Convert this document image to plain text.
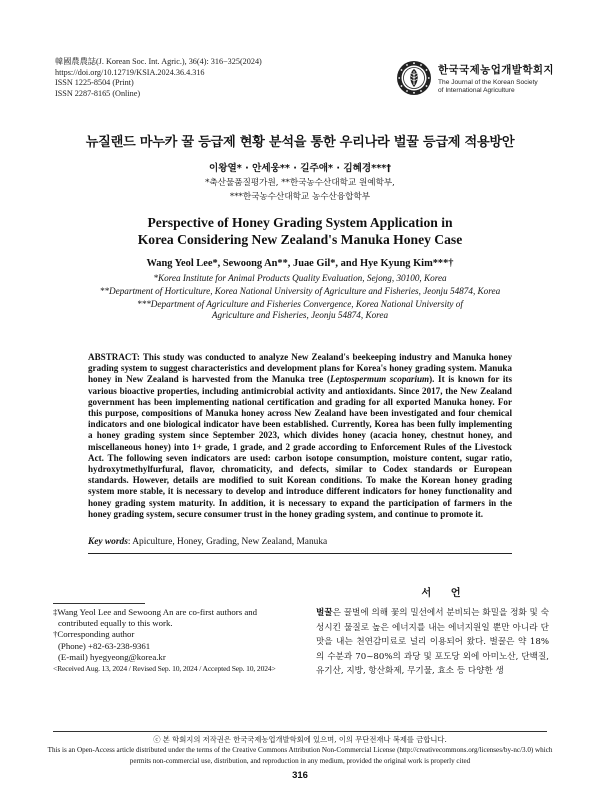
韓國農農誌(J. Korean Soc. Int. Agric.), 36(4): 316−325(2024)
https://doi.org/10.12719/KSIA.2024.36.4.316
ISSN 1225-8504 (Print)
ISSN 2287-8165 (Online)
한국국제농업개발학회지
The Journal of the Korean Society
of International Agriculture
뉴질랜드 마누카 꿀 등급제 현황 분석을 통한 우리나라 벌꿀 등급제 적용방안
이왕열* · 안세웅** · 길주애* · 김혜경***†
*축산물품질평가원, **한국농수산대학교 원예학부,
***한국농수산대학교 농수산융합학부
Perspective of Honey Grading System Application in
Korea Considering New Zealand's Manuka Honey Case
Wang Yeol Lee*, Sewoong An**, Juae Gil*, and Hye Kyung Kim***†
*Korea Institute for Animal Products Quality Evaluation, Sejong, 30100, Korea
**Department of Horticulture, Korea National University of Agriculture and Fisheries, Jeonju 54874, Korea
***Department of Agriculture and Fisheries Convergence, Korea National University of
Agriculture and Fisheries, Jeonju 54874, Korea
ABSTRACT: This study was conducted to analyze New Zealand's beekeeping industry and Manuka honey grading system to suggest characteristics and development plans for Korea's honey grading system. Manuka honey in New Zealand is harvested from the Manuka tree (Leptospermum scoparium). It is known for its various bioactive properties, including antimicrobial activity and antioxidants. Since 2017, the New Zealand government has been implementing national certification and grading for all exported Manuka honey. For this purpose, compositions of Manuka honey across New Zealand have been investigated and four chemical indicators and one biological indicator have been established. Currently, Korea has been fully implementing a honey grading system since September 2023, which divides honey (acacia honey, chestnut honey, and miscellaneous honey) into 1+ grade, 1 grade, and 2 grade according to Enforcement Rules of the Livestock Act. The following seven indicators are used: carbon isotope consumption, moisture content, sugar ratio, hydroxytmethylfurfural, flavor, chromaticity, and defects, similar to Codex standards or European standards. However, details are modified to suit Korean conditions. To make the Korean honey grading system more stable, it is necessary to develop and introduce different indicators for honey functionality and honey grading system maturity. In addition, it is necessary to expand the participation of farmers in the honey grading system, secure consumer trust in the honey grading system, and continue to promote it.
Key words: Apiculture, Honey, Grading, New Zealand, Manuka
서 언
벌꿀은 꿀벌에 의해 꽃의 밀선에서 분비되는 화밀을 정화 및 숙성시킨 물질로 높은 에너지를 내는 에너지원일 뿐만 아니라 단맛을 내는 천연감미료로 널리 이용되어 왔다. 벌꿀은 약 18%의 수분과 70~80%의 과당 및 포도당 외에 아미노산, 단백질, 유기산, 지방, 항산화제, 무기물, 효소 등 다양한 생
‡Wang Yeol Lee and Sewoong An are co-first authors and
contributed equally to this work.
†Corresponding author
(Phone) +82-63-238-9361
(E-mail) hyegyeong@korea.kr
<Received Aug. 13, 2024 / Revised Sep. 10, 2024 / Accepted Sep. 10, 2024>
ⓒ 본 학회지의 저작권은 한국국제농업개발학회에 있으며, 이의 무단전재나 복제를 금합니다.
This is an Open-Access article distributed under the terms of the Creative Commons Attribution Non-Commercial License (http://creativecommons.org/licenses/by-nc/3.0) which
permits non-commercial use, distribution, and reproduction in any medium, provided the original work is properly cited
316
